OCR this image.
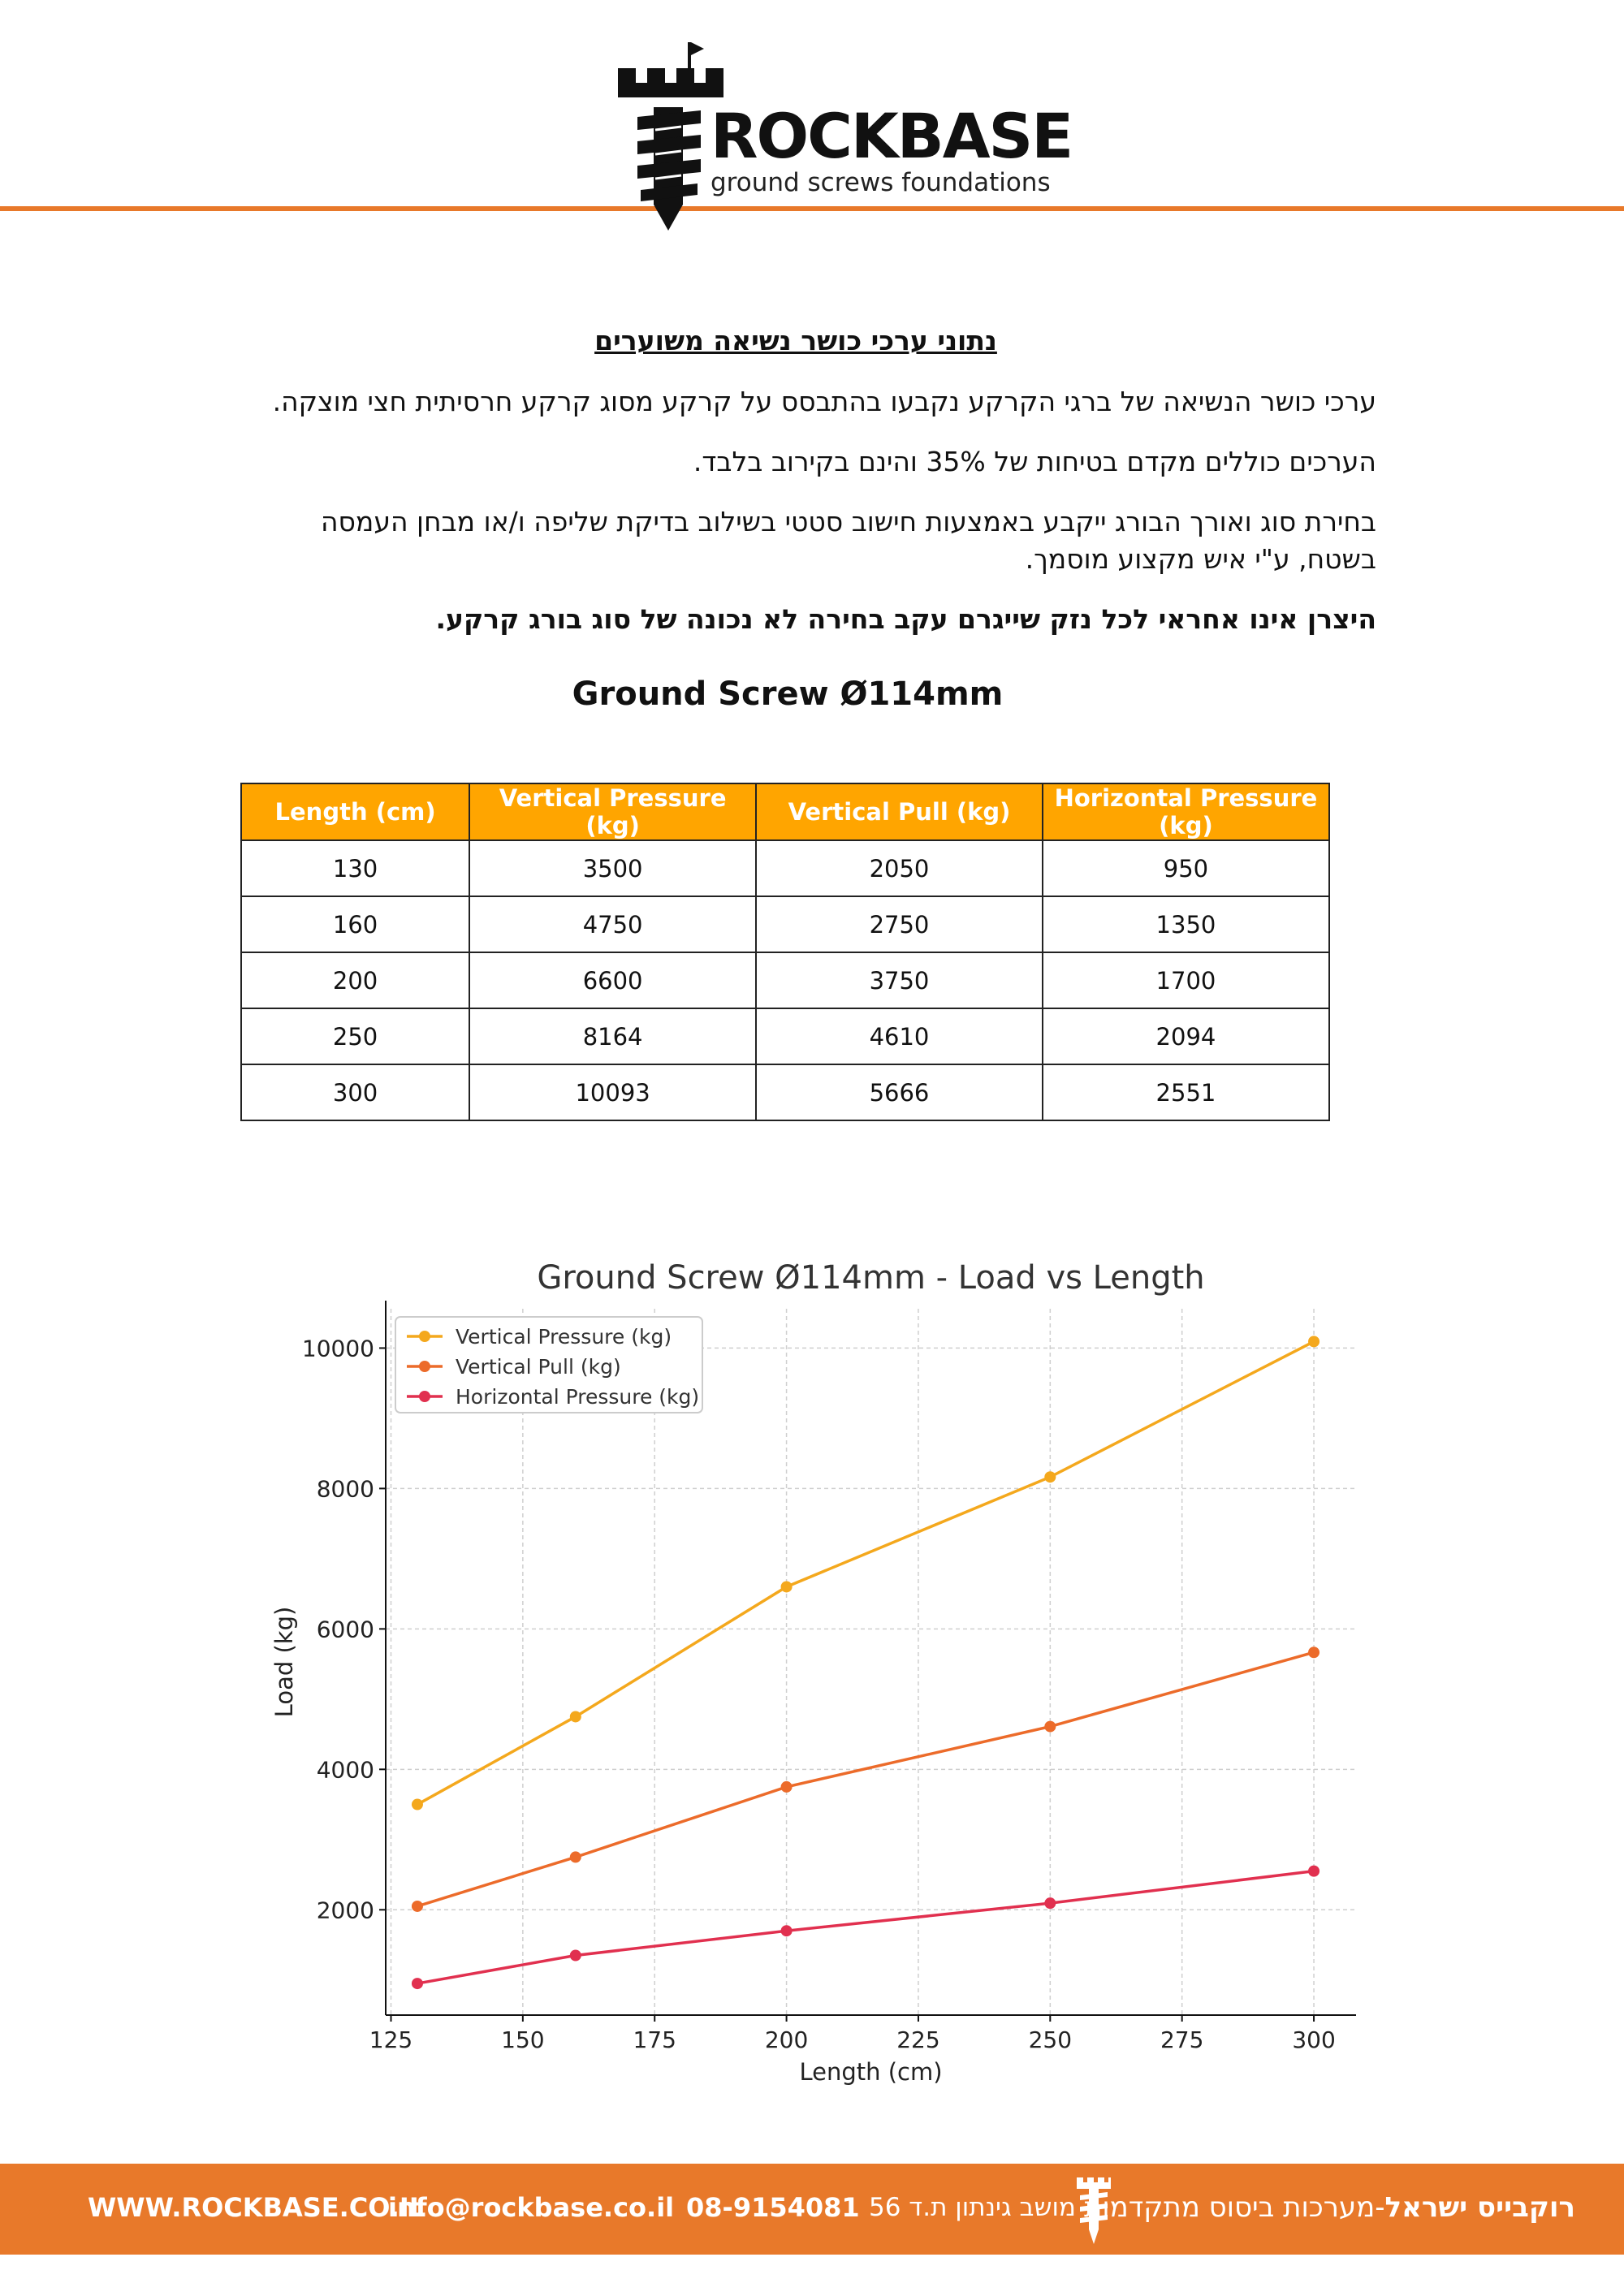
ROCKBASE
ground screws foundations
נתוני ערכי כושר נשיאה משוערים
ערכי כושר הנשיאה של ברגי הקרקע נקבעו בהתבסס על קרקע מסוג קרקע חרסיתית חצי מוצקה.
הערכים כוללים מקדם בטיחות של 35% והינם בקירוב בלבד.
בחירת סוג ואורך הבורג ייקבע באמצעות חישוב סטטי בשילוב בדיקת שליפה ו/או מבחן העמסה בשטח, ע"י איש מקצוע מוסמך.
היצרן אינו אחראי לכל נזק שייגרם עקב בחירה לא נכונה של סוג בורג קרקע.
Ground Screw Ø114mm
Length (cm)	Vertical Pressure (kg)	Vertical Pull (kg)	Horizontal Pressure (kg)
130	3500	2050	950
160	4750	2750	1350
200	6600	3750	1700
250	8164	4610	2094
300	10093	5666	2551
125	150	175	200	225	250	275	300
2000
4000
6000
8000
10000
Ground Screw Ø114mm - Load vs Length
Length (cm)
Load (kg)
Vertical Pressure (kg)
Vertical Pull (kg)
Horizontal Pressure (kg)
WWW.ROCKBASE.CO.IL
info@rockbase.co.il 08-9154081 מושב גינתון ת.ד 56	רוקבייס ישראל-מערכות ביסוס מתקדמות
